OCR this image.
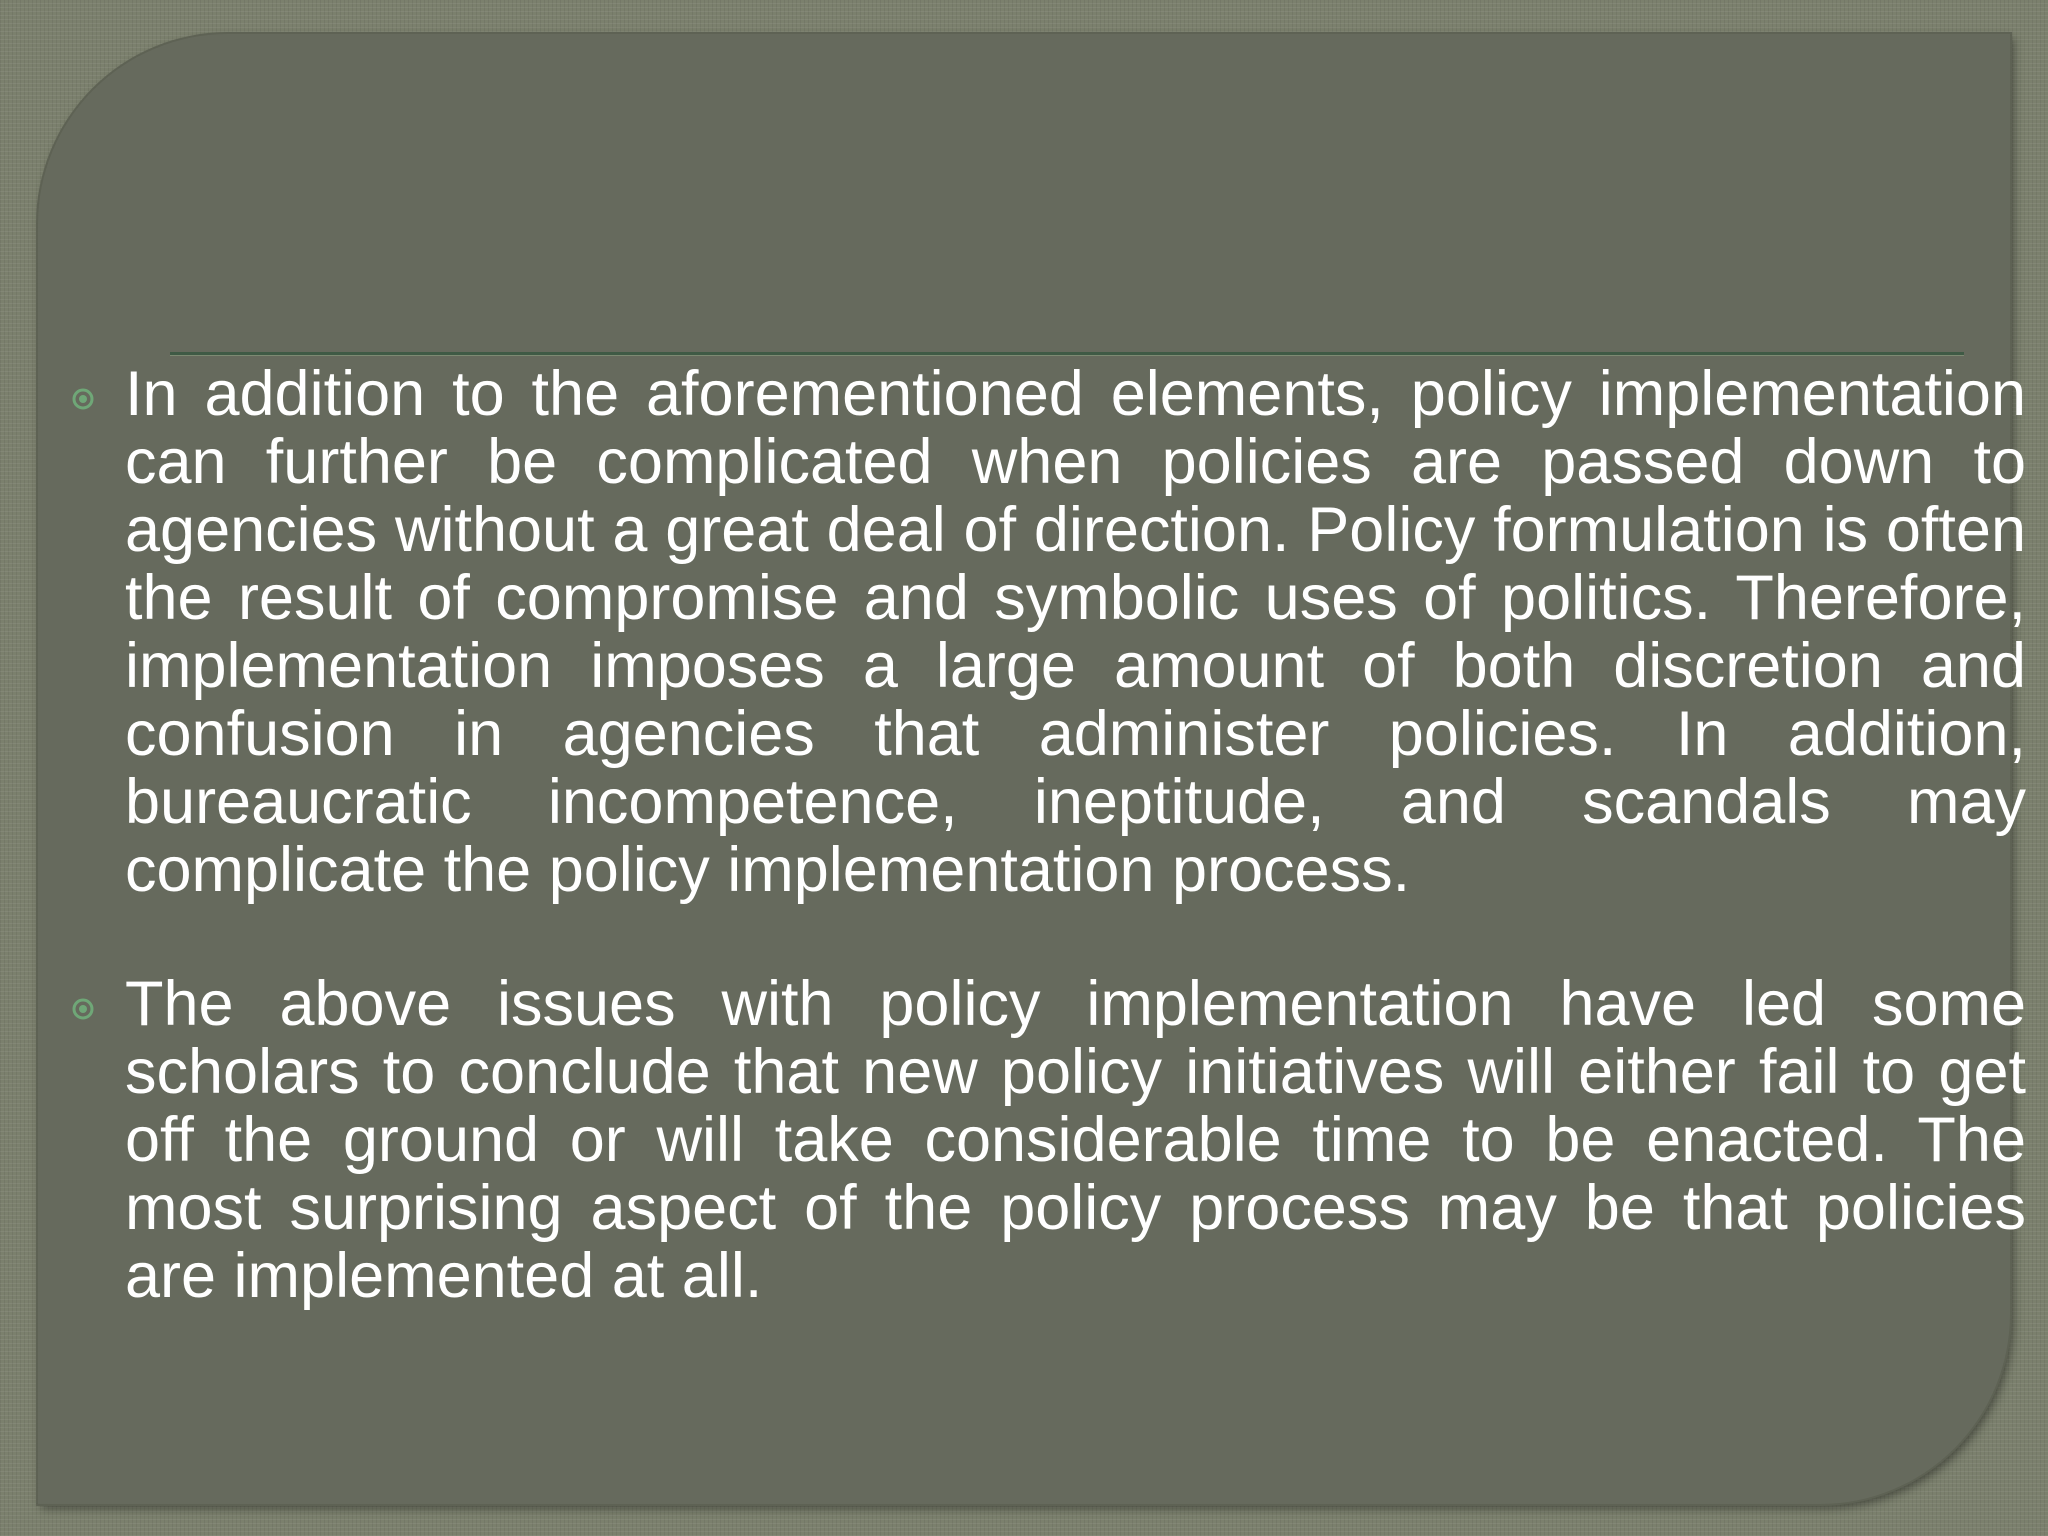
In addition to the aforementioned elements, policy implementation can further be complicated when policies are passed down to agencies without a great deal of direction. Policy formulation is often the result of compromise and symbolic uses of politics. Therefore, implementation imposes a large amount of both discretion and confusion in agencies that administer policies. In addition, bureaucratic incompetence, ineptitude, and scandals may complicate the policy implementation process.
The above issues with policy implementation have led some scholars to conclude that new policy initiatives will either fail to get off the ground or will take considerable time to be enacted. The most surprising aspect of the policy process may be that policies are implemented at all.
